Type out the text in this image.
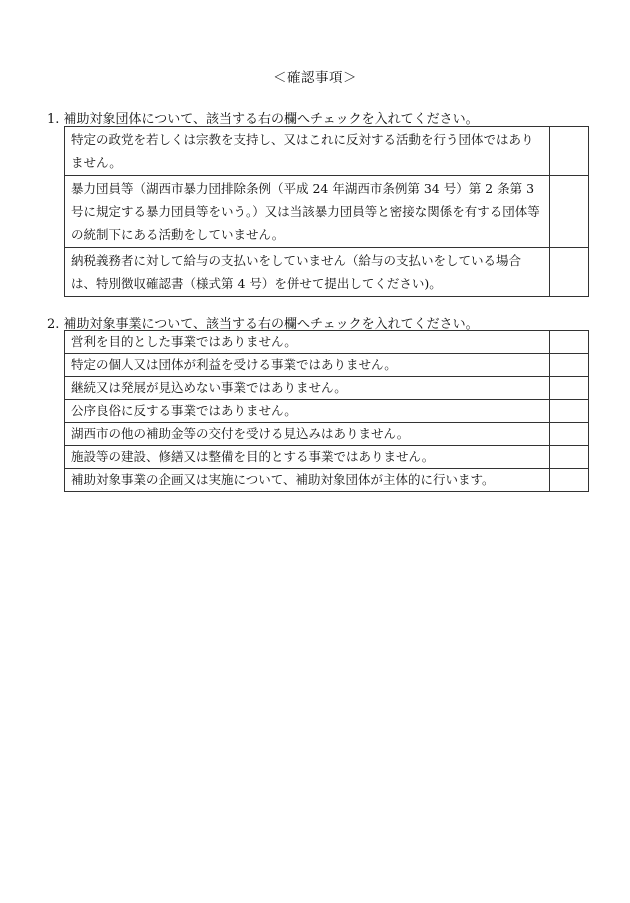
＜確認事項＞
1. 補助対象団体について、該当する右の欄へチェックを入れてください。
特定の政党を若しくは宗教を支持し、又はこれに反対する活動を行う団体ではありません。	
暴力団員等（湖西市暴力団排除条例（平成 24 年湖西市条例第 34 号）第 2 条第 3 号に規定する暴力団員等をいう。）又は当該暴力団員等と密接な関係を有する団体等の統制下にある活動をしていません。	
納税義務者に対して給与の支払いをしていません（給与の支払いをしている場合は、特別徴収確認書（様式第 4 号）を併せて提出してください)。	
2. 補助対象事業について、該当する右の欄へチェックを入れてください。
営利を目的とした事業ではありません。	
特定の個人又は団体が利益を受ける事業ではありません。	
継続又は発展が見込めない事業ではありません。	
公序良俗に反する事業ではありません。	
湖西市の他の補助金等の交付を受ける見込みはありません。	
施設等の建設、修繕又は整備を目的とする事業ではありません。	
補助対象事業の企画又は実施について、補助対象団体が主体的に行います。	
